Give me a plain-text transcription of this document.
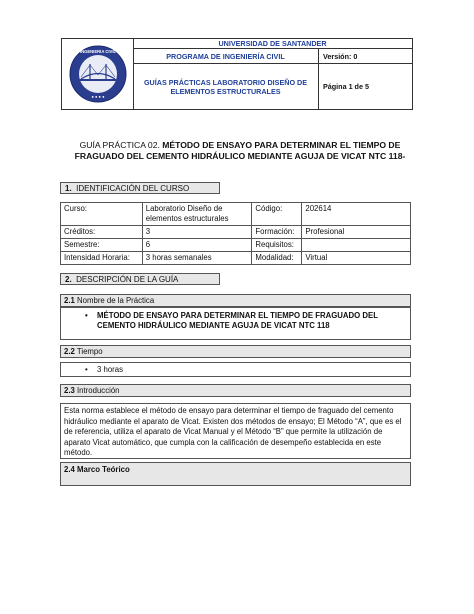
INGENIERIA CIVIL
● ● ● ●
UNIVERSIDAD DE SANTANDER
PROGRAMA DE INGENIERÍA CIVIL	Versión: 0
GUÍAS PRÁCTICAS LABORATORIO DISEÑO DE
ELEMENTOS ESTRUCTURALES
Página 1 de 5
GUÍA PRÁCTICA 02. MÉTODO DE ENSAYO PARA DETERMINAR EL TIEMPO DE
FRAGUADO DEL CEMENTO HIDRÁULICO MEDIANTE AGUJA DE VICAT NTC 118-
1. IDENTIFICACIÓN DEL CURSO
Curso:	Laboratorio Diseño de elementos estructurales	Código:	202614
Créditos:	3	Formación:	Profesional
Semestre:	6	Requisitos:	
Intensidad Horaria:	3 horas semanales	Modalidad:	Virtual
2. DESCRIPCIÓN DE LA GUÍA
2.1 Nombre de la Práctica
• MÉTODO DE ENSAYO PARA DETERMINAR EL TIEMPO DE FRAGUADO DEL CEMENTO HIDRÁULICO MEDIANTE AGUJA DE VICAT NTC 118
2.2 Tiempo
• 3 horas
2.3 Introducción
Esta norma establece el método de ensayo para determinar el tiempo de fraguado del cemento hidráulico mediante el aparato de Vicat. Existen dos métodos de ensayo; El Método “A”, que es el de referencia, utiliza el aparato de Vicat Manual y el Método “B” que permite la utilización de aparato Vicat automático, que cumpla con la calificación de desempeño establecida en este método.
2.4 Marco Teórico
